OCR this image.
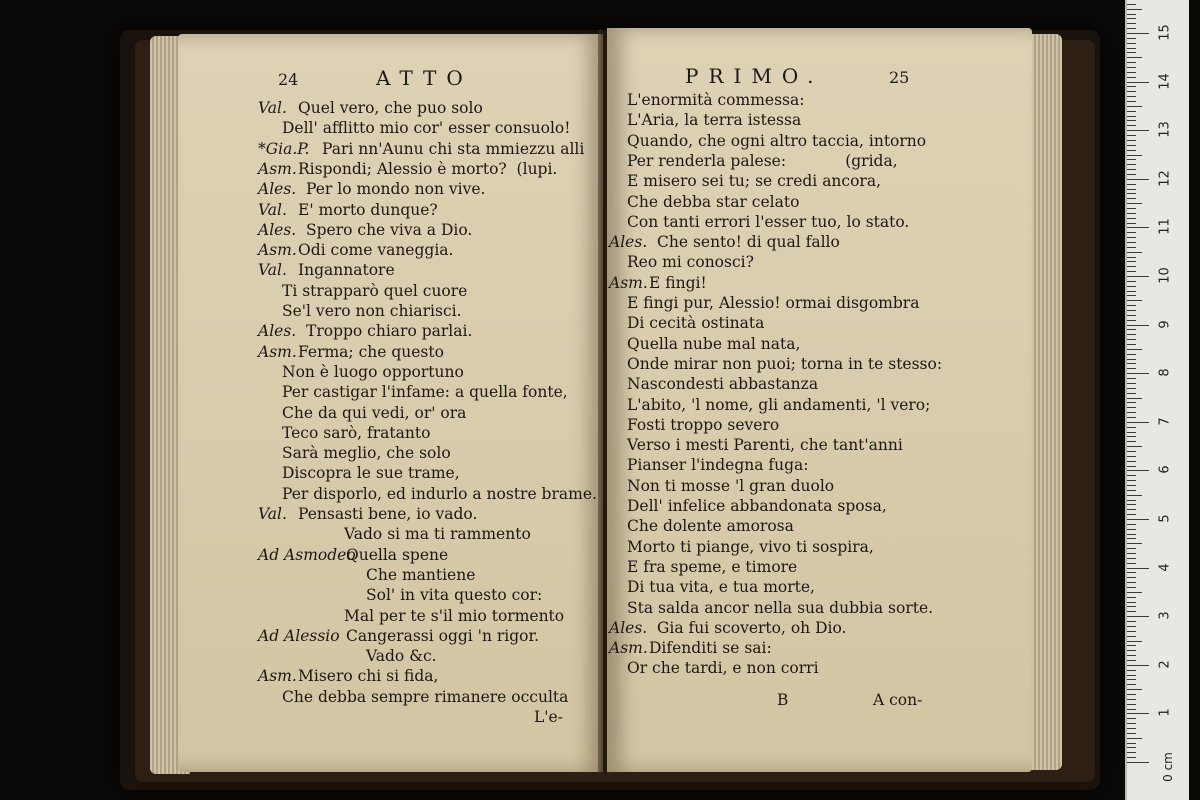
24	ATTO
Val. Quel vero, che puo solo
Dell' afflitto mio cor' esser consuolo!
*Gia.P. Pari nn'Aunu chi sta mmiezzu alli
Asm. Rispondi; Alessio è morto?  (lupi.
Ales. Per lo mondo non vive.
Val. E' morto dunque?
Ales. Spero che viva a Dio.
Asm. Odi come vaneggia.
Val. Ingannatore
Ti strapparò quel cuore
Se'l vero non chiarisci.
Ales. Troppo chiaro parlai.
Asm. Ferma; che questo
Non è luogo opportuno
Per castigar l'infame: a quella fonte,
Che da qui vedi, or' ora
Teco sarò, fratanto
Sarà meglio, che solo
Discopra le sue trame,
Per disporlo, ed indurlo a nostre brame.
Val. Pensasti bene, io vado.
Vado si ma ti rammento
Ad Asmodeo
Quella spene
Che mantiene
Sol' in vita questo cor:
Mal per te s'il mio tormento
Ad Alessio Cangerassi oggi 'n rigor.
Vado &c.
Asm. Misero chi si fida,
Che debba sempre rimanere occulta
L'e-
PRIMO.	25
L'enormità commessa:
L'Aria, la terra istessa
Quando, che ogni altro taccia, intorno
Per renderla palese:            (grida,
E misero sei tu; se credi ancora,
Che debba star celato
Con tanti errori l'esser tuo, lo stato.
Ales. Che sento! di qual fallo
Reo mi conosci?
Asm. E fingi!
E fingi pur, Alessio! ormai disgombra
Di cecità ostinata
Quella nube mal nata,
Onde mirar non puoi; torna in te stesso:
Nascondesti abbastanza
L'abito, 'l nome, gli andamenti, 'l vero;
Fosti troppo severo
Verso i mesti Parenti, che tant'anni
Pianser l'indegna fuga:
Non ti mosse 'l gran duolo
Dell' infelice abbandonata sposa,
Che dolente amorosa
Morto ti piange, vivo ti sospira,
E fra speme, e timore
Di tua vita, e tua morte,
Sta salda ancor nella sua dubbia sorte.
Ales. Gia fui scoverto, oh Dio.
Asm. Difenditi se sai:
Or che tardi, e non corri
B	A con-
1
2
3
4
5
6
7
8
9
10
11
12
13
14
15
0 cm
